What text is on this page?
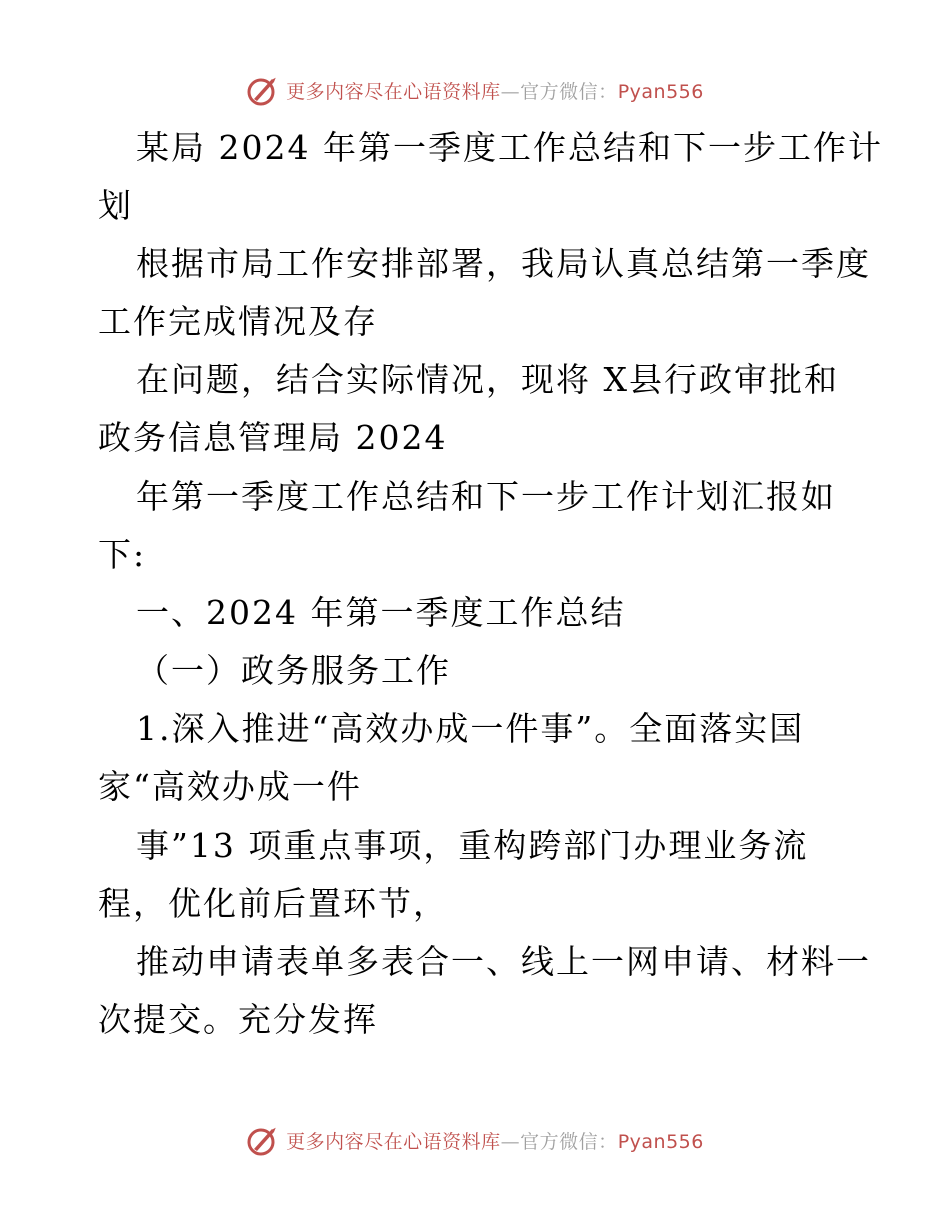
更多内容尽在心语资料库—官方微信：Pyan556
某局 2024 年第一季度工作总结和下一步工作计
划
根据市局工作安排部署，我局认真总结第一季度
工作完成情况及存
在问题，结合实际情况，现将 X县行政审批和
政务信息管理局 2024
年第一季度工作总结和下一步工作计划汇报如
下:
一、2024 年第一季度工作总结
（一）政务服务工作
1.深入推进“高效办成一件事”。全面落实国
家“高效办成一件
事”13 项重点事项，重构跨部门办理业务流
程，优化前后置环节，
推动申请表单多表合一、线上一网申请、材料一
次提交。充分发挥
更多内容尽在心语资料库—官方微信：Pyan556
